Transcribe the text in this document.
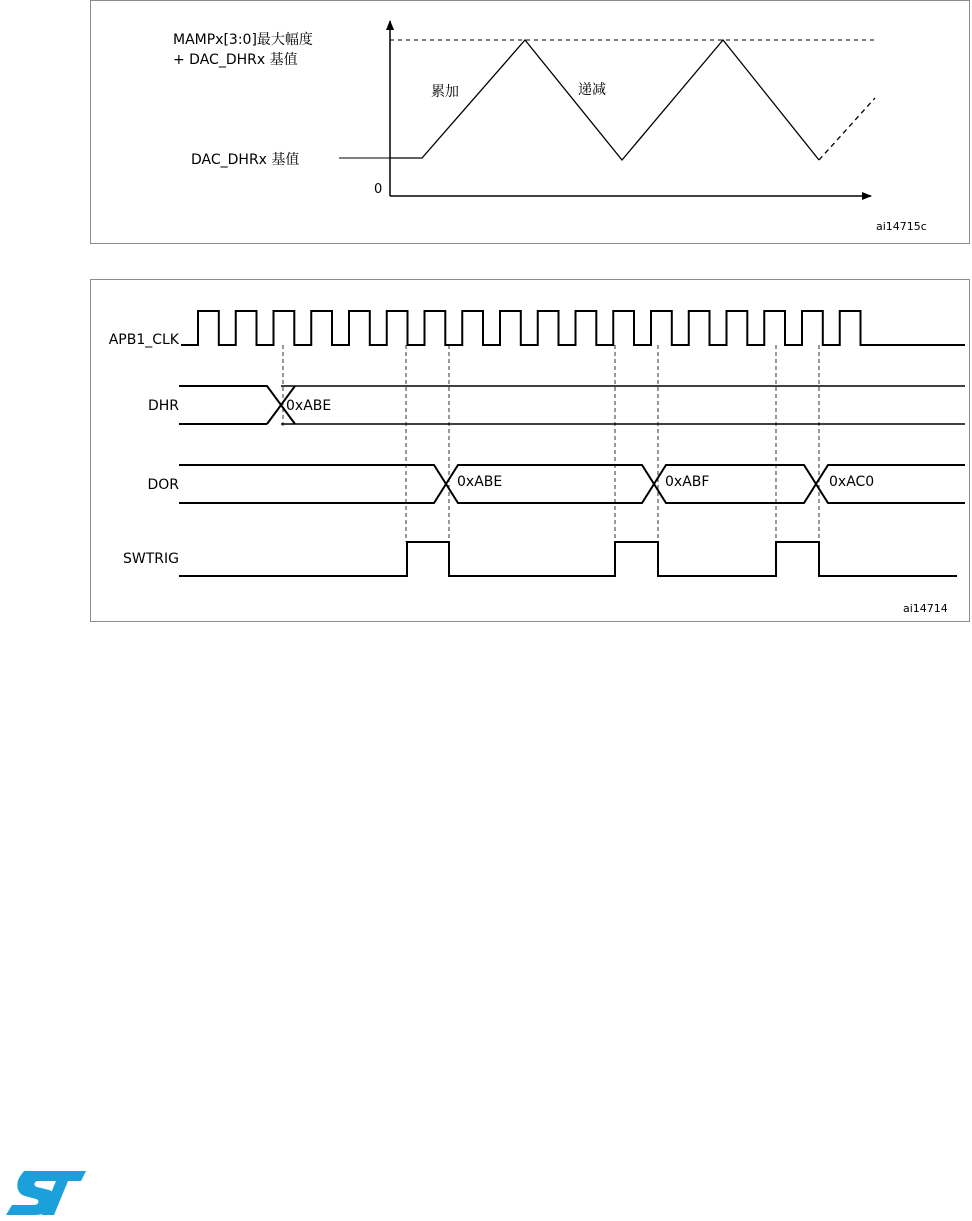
MAMPx[3:0]最大幅度
+ DAC_DHRx 基值
DAC_DHRx 基值
0
累加	递减
ai14715c
APB1_CLK
DHR
DOR
SWTRIG
0xABE
0xABE	0xABF	0xAC0
ai14714
